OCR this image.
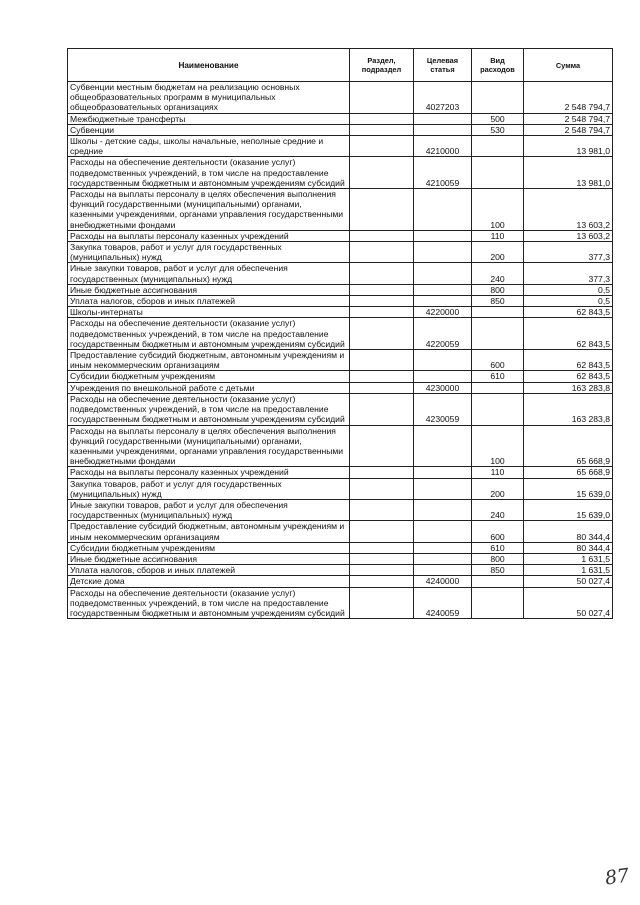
Наименование	Раздел, подраздел	Целевая статья	Вид расходов	Сумма
Субвенции местным бюджетам на реализацию основных общеобразовательных программ в муниципальных общеобразовательных организациях		4027203		2 548 794,7
Межбюджетные трансферты			500	2 548 794,7
Субвенции			530	2 548 794,7
Школы - детские сады, школы начальные, неполные средние и средние		4210000		13 981,0
Расходы на обеспечение деятельности (оказание услуг) подведомственных учреждений, в том числе на предоставление государственным бюджетным и автономным учреждениям субсидий		4210059		13 981,0
Расходы на выплаты персоналу в целях обеспечения выполнения функций государственными (муниципальными) органами, казенными учреждениями, органами управления государственными внебюджетными фондами			100	13 603,2
Расходы на выплаты персоналу казенных учреждений			110	13 603,2
Закупка товаров, работ и услуг для государственных (муниципальных) нужд			200	377,3
Иные закупки товаров, работ и услуг для обеспечения государственных (муниципальных) нужд			240	377,3
Иные бюджетные ассигнования			800	0,5
Уплата налогов, сборов и иных платежей			850	0,5
Школы-интернаты		4220000		62 843,5
Расходы на обеспечение деятельности (оказание услуг) подведомственных учреждений, в том числе на предоставление государственным бюджетным и автономным учреждениям субсидий		4220059		62 843,5
Предоставление субсидий бюджетным, автономным учреждениям и иным некоммерческим организациям			600	62 843,5
Субсидии бюджетным учреждениям			610	62 843,5
Учреждения по внешкольной работе с детьми		4230000		163 283,8
Расходы на обеспечение деятельности (оказание услуг) подведомственных учреждений, в том числе на предоставление государственным бюджетным и автономным учреждениям субсидий		4230059		163 283,8
Расходы на выплаты персоналу в целях обеспечения выполнения функций государственными (муниципальными) органами, казенными учреждениями, органами управления государственными внебюджетными фондами			100	65 668,9
Расходы на выплаты персоналу казенных учреждений			110	65 668,9
Закупка товаров, работ и услуг для государственных (муниципальных) нужд			200	15 639,0
Иные закупки товаров, работ и услуг для обеспечения государственных (муниципальных) нужд			240	15 639,0
Предоставление субсидий бюджетным, автономным учреждениям и иным некоммерческим организациям			600	80 344,4
Субсидии бюджетным учреждениям			610	80 344,4
Иные бюджетные ассигнования			800	1 631,5
Уплата налогов, сборов и иных платежей			850	1 631,5
Детские дома		4240000		50 027,4
Расходы на обеспечение деятельности (оказание услуг) подведомственных учреждений, в том числе на предоставление государственным бюджетным и автономным учреждениям субсидий		4240059		50 027,4
87
